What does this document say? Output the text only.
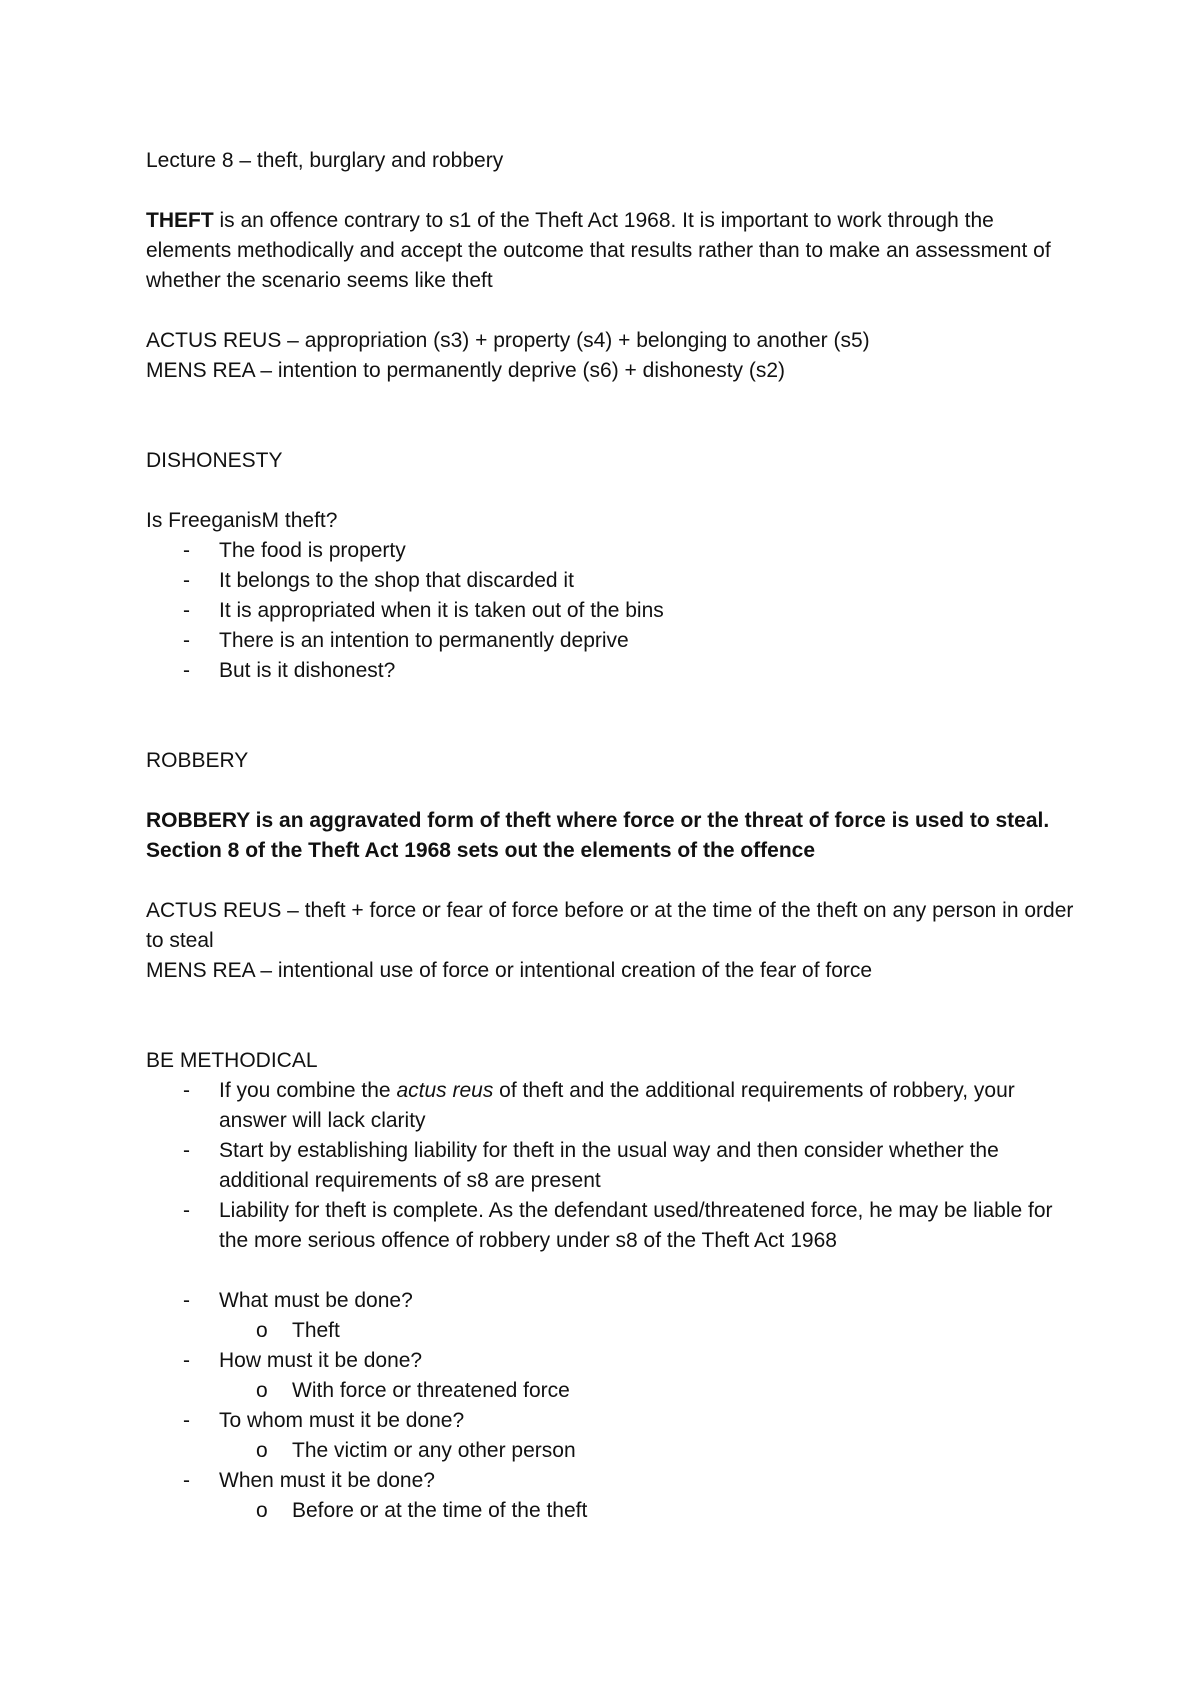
Lecture 8 – theft, burglary and robbery

THEFT is an offence contrary to s1 of the Theft Act 1968. It is important to work through the elements methodically and accept the outcome that results rather than to make an assessment of whether the scenario seems like theft

ACTUS REUS – appropriation (s3) + property (s4) + belonging to another (s5)

MENS REA – intention to permanently deprive (s6) + dishonesty (s2)

DISHONESTY

Is FreeganisM theft?

- The food is property
- It belongs to the shop that discarded it
- It is appropriated when it is taken out of the bins
- There is an intention to permanently deprive
- But is it dishonest?

ROBBERY

ROBBERY is an aggravated form of theft where force or the threat of force is used to steal. Section 8 of the Theft Act 1968 sets out the elements of the offence

ACTUS REUS – theft + force or fear of force before or at the time of the theft on any person in order to steal

MENS REA – intentional use of force or intentional creation of the fear of force

BE METHODICAL

- If you combine the actus reus of theft and the additional requirements of robbery, your answer will lack clarity
- Start by establishing liability for theft in the usual way and then consider whether the additional requirements of s8 are present
- Liability for theft is complete. As the defendant used/threatened force, he may be liable for the more serious offence of robbery under s8 of the Theft Act 1968
- What must be done?
o Theft
- How must it be done?
o With force or threatened force
- To whom must it be done?
o The victim or any other person
- When must it be done?
o Before or at the time of the theft
